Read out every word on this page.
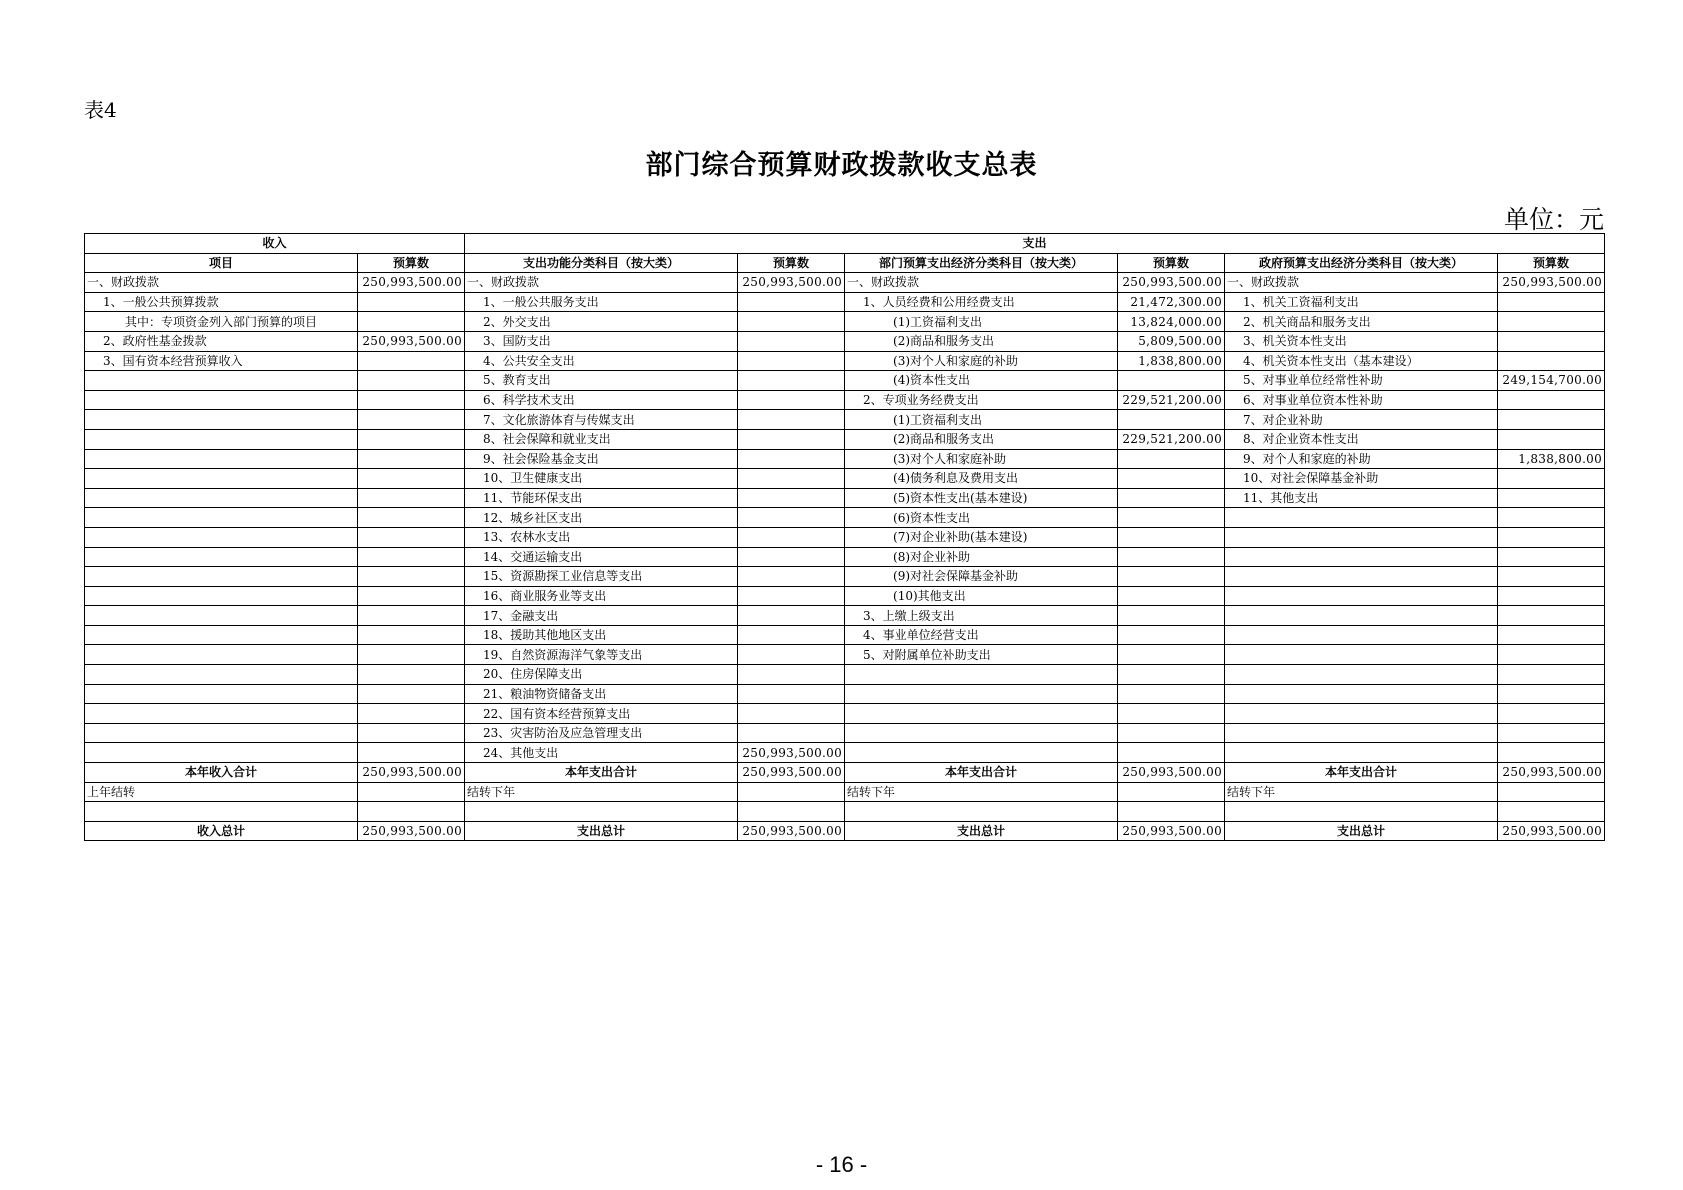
表4
部门综合预算财政拨款收支总表
单位：元
收入		支出					
项目	预算数	支出功能分类科目（按大类）	预算数	部门预算支出经济分类科目（按大类）	预算数	政府预算支出经济分类科目（按大类）	预算数
一、财政拨款	250,993,500.00	一、财政拨款	250,993,500.00	一、财政拨款	250,993,500.00	一、财政拨款	250,993,500.00
1、一般公共预算拨款		1、一般公共服务支出		1、人员经费和公用经费支出	21,472,300.00	1、机关工资福利支出	
其中：专项资金列入部门预算的项目		2、外交支出		(1)工资福利支出	13,824,000.00	2、机关商品和服务支出	
2、政府性基金拨款	250,993,500.00	3、国防支出		(2)商品和服务支出	5,809,500.00	3、机关资本性支出	
3、国有资本经营预算收入		4、公共安全支出		(3)对个人和家庭的补助	1,838,800.00	4、机关资本性支出（基本建设）	
		5、教育支出		(4)资本性支出		5、对事业单位经常性补助	249,154,700.00
		6、科学技术支出		2、专项业务经费支出	229,521,200.00	6、对事业单位资本性补助	
		7、文化旅游体育与传媒支出		(1)工资福利支出		7、对企业补助	
		8、社会保障和就业支出		(2)商品和服务支出	229,521,200.00	8、对企业资本性支出	
		9、社会保险基金支出		(3)对个人和家庭补助		9、对个人和家庭的补助	1,838,800.00
		10、卫生健康支出		(4)债务利息及费用支出		10、对社会保障基金补助	
		11、节能环保支出		(5)资本性支出(基本建设)		11、其他支出	
		12、城乡社区支出		(6)资本性支出			
		13、农林水支出		(7)对企业补助(基本建设)			
		14、交通运输支出		(8)对企业补助			
		15、资源勘探工业信息等支出		(9)对社会保障基金补助			
		16、商业服务业等支出		(10)其他支出			
		17、金融支出		3、上缴上级支出			
		18、援助其他地区支出		4、事业单位经营支出			
		19、自然资源海洋气象等支出		5、对附属单位补助支出			
		20、住房保障支出					
		21、粮油物资储备支出					
		22、国有资本经营预算支出					
		23、灾害防治及应急管理支出					
		24、其他支出	250,993,500.00				
本年收入合计	250,993,500.00	本年支出合计	250,993,500.00	本年支出合计	250,993,500.00	本年支出合计	250,993,500.00
上年结转		结转下年		结转下年		结转下年	

收入总计	250,993,500.00	支出总计	250,993,500.00	支出总计	250,993,500.00	支出总计	250,993,500.00
- 16 -
